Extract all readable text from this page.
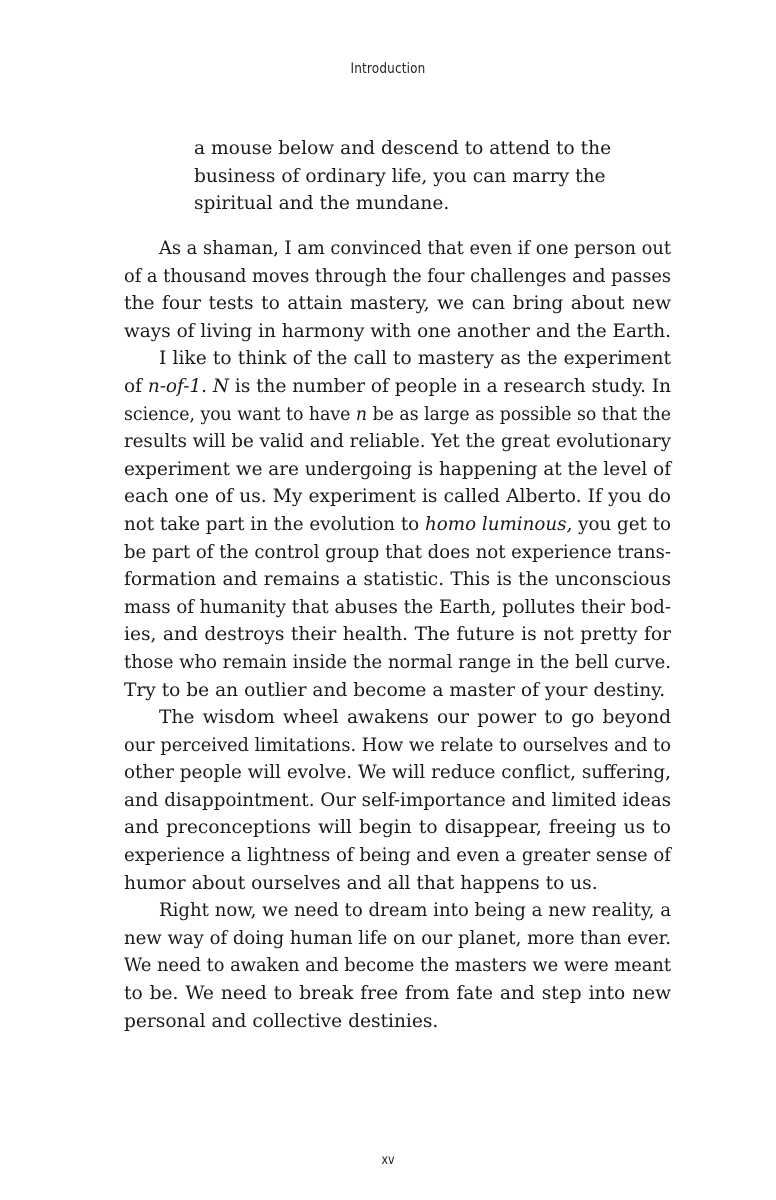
Introduction
a mouse below and descend to attend to the
business of ordinary life, you can marry the
spiritual and the mundane.
As a shaman, I am convinced that even if one person out
of a thousand moves through the four challenges and passes
the four tests to attain mastery, we can bring about new
ways of living in harmony with one another and the Earth.
I like to think of the call to mastery as the experiment
of n-of-1. N is the number of people in a research study. In
science, you want to have n be as large as possible so that the
results will be valid and reliable. Yet the great evolutionary
experiment we are undergoing is happening at the level of
each one of us. My experiment is called Alberto. If you do
not take part in the evolution to homo luminous, you get to
be part of the control group that does not experience trans-
formation and remains a statistic. This is the unconscious
mass of humanity that abuses the Earth, pollutes their bod-
ies, and destroys their health. The future is not pretty for
those who remain inside the normal range in the bell curve.
Try to be an outlier and become a master of your destiny.
The wisdom wheel awakens our power to go beyond
our perceived limitations. How we relate to ourselves and to
other people will evolve. We will reduce conflict, suffering,
and disappointment. Our self-importance and limited ideas
and preconceptions will begin to disappear, freeing us to
experience a lightness of being and even a greater sense of
humor about ourselves and all that happens to us.
Right now, we need to dream into being a new reality, a
new way of doing human life on our planet, more than ever.
We need to awaken and become the masters we were meant
to be. We need to break free from fate and step into new
personal and collective destinies.
xv
